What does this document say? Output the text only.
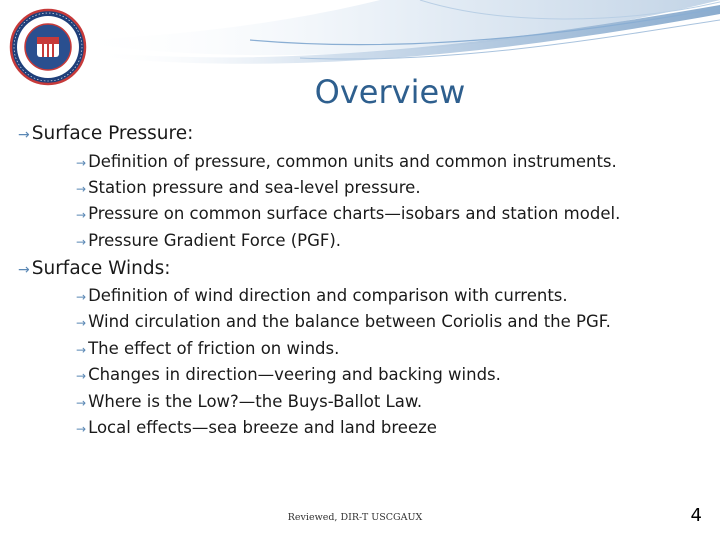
Overview
→ Surface Pressure:
→ Definition of pressure, common units and common instruments.
→ Station pressure and sea-level pressure.
→ Pressure on common surface charts—isobars and station model.
→ Pressure Gradient Force (PGF).
→ Surface Winds:
→ Definition of wind direction and comparison with currents.
→ Wind circulation and the balance between Coriolis and the PGF.
→ The effect of friction on winds.
→ Changes in direction—veering and backing winds.
→ Where is the Low?—the Buys-Ballot Law.
→ Local effects—sea breeze and land breeze
Reviewed, DIR-T USCGAUX	4
